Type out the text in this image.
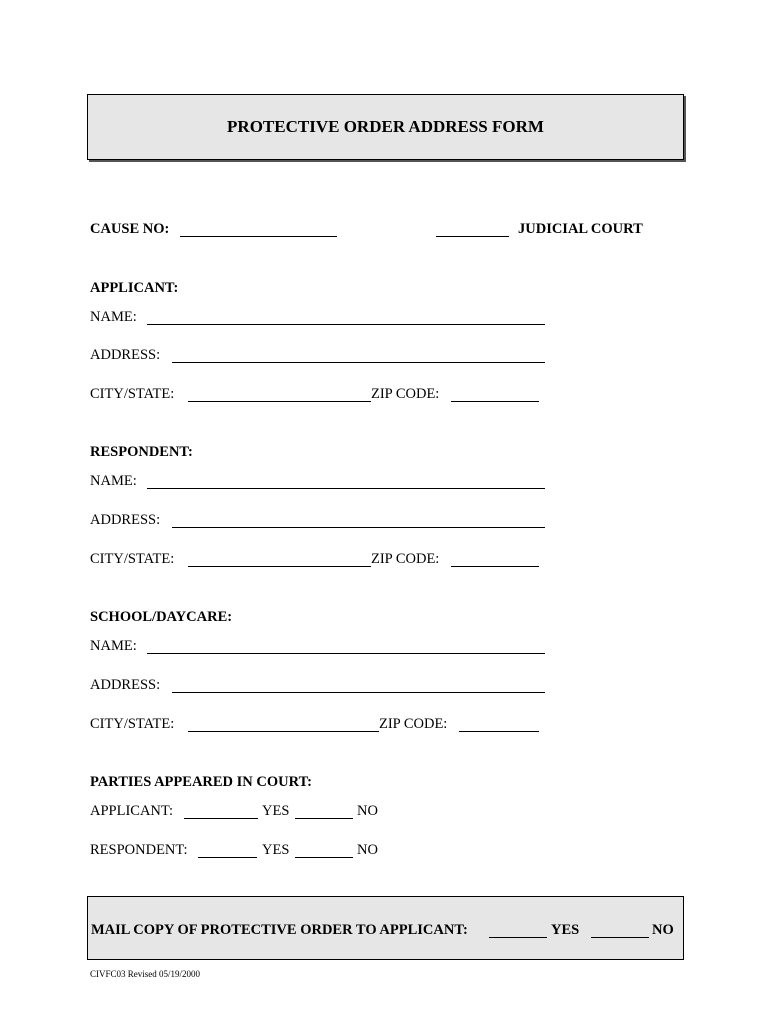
PROTECTIVE ORDER ADDRESS FORM
CAUSE NO:	JUDICIAL COURT
APPLICANT:
NAME:
ADDRESS:
CITY/STATE:	ZIP CODE:
RESPONDENT:
NAME:
ADDRESS:
CITY/STATE:	ZIP CODE:
SCHOOL/DAYCARE:
NAME:
ADDRESS:
CITY/STATE:	ZIP CODE:
PARTIES APPEARED IN COURT:
APPLICANT:	YES	NO
RESPONDENT:	YES	NO
MAIL COPY OF PROTECTIVE ORDER TO APPLICANT:	YES	NO
CIVFC03 Revised 05/19/2000
